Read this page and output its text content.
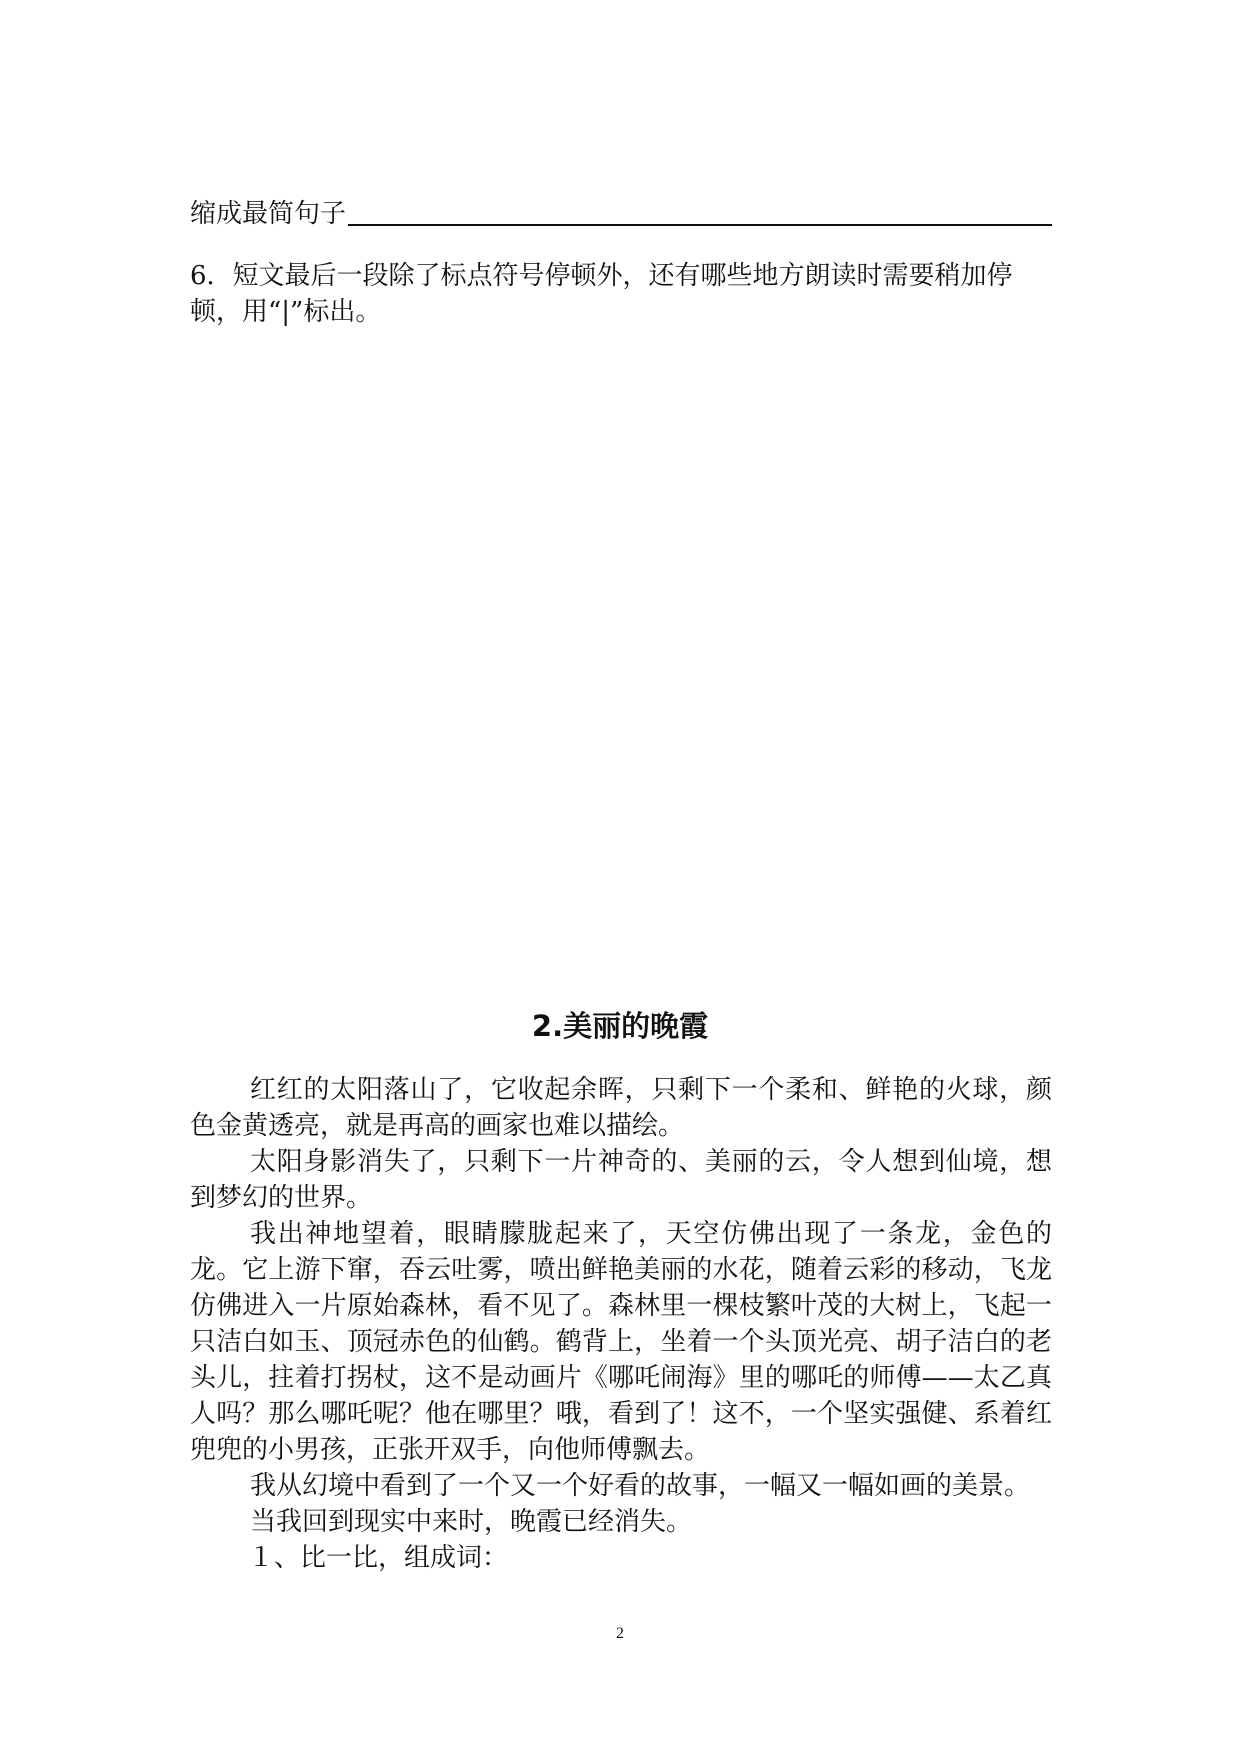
缩成最简句子
6．短文最后一段除了标点符号停顿外，还有哪些地方朗读时需要稍加停顿，用“|”标出。
2.美丽的晚霞

红红的太阳落山了，它收起余晖，只剩下一个柔和、鲜艳的火球，颜色金黄透亮，就是再高的画家也难以描绘。

太阳身影消失了，只剩下一片神奇的、美丽的云，令人想到仙境，想到梦幻的世界。

我出神地望着，眼睛朦胧起来了，天空仿佛出现了一条龙，金色的龙。它上游下窜，吞云吐雾，喷出鲜艳美丽的水花，随着云彩的移动，飞龙仿佛进入一片原始森林，看不见了。森林里一棵枝繁叶茂的大树上，飞起一只洁白如玉、顶冠赤色的仙鹤。鹤背上，坐着一个头顶光亮、胡子洁白的老头儿，拄着打拐杖，这不是动画片《哪吒闹海》里的哪吒的师傅——太乙真人吗？那么哪吒呢？他在哪里？哦，看到了！这不，一个坚实强健、系着红兜兜的小男孩，正张开双手，向他师傅飘去。

我从幻境中看到了一个又一个好看的故事，一幅又一幅如画的美景。

当我回到现实中来时，晚霞已经消失。

１、比一比，组成词：

2
